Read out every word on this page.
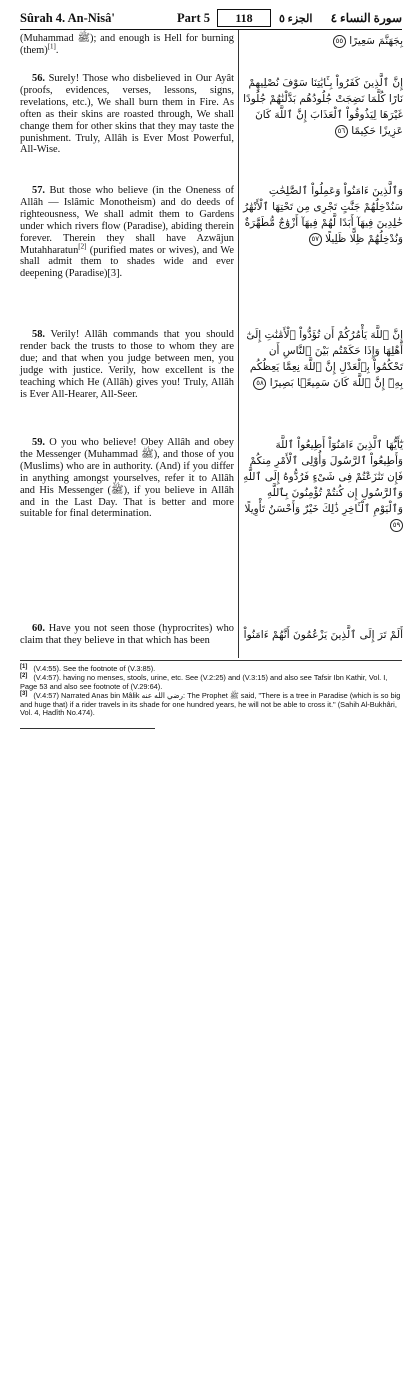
Sûrah 4. An-Nisâ'	Part 5	118	الجزء ٥	سورة النساء ٤

(Muhammad ﷺ); and enough is Hell for burning (them)[1].

56. Surely! Those who disbelieved in Our Ayât (proofs, evidences, verses, lessons, signs, revelations, etc.), We shall burn them in Fire. As often as their skins are roasted through, We shall change them for other skins that they may taste the punishment. Truly, Allâh is Ever Most Powerful, All-Wise.

57. But those who believe (in the Oneness of Allâh — Islâmic Monotheism) and do deeds of righteousness, We shall admit them to Gardens under which rivers flow (Paradise), abiding therein forever. Therein they shall have Azwâjun Mutahharatun[2] (purified mates or wives), and We shall admit them to shades wide and ever deepening (Paradise)[3].

58. Verily! Allâh commands that you should render back the trusts to those to whom they are due; and that when you judge between men, you judge with justice. Verily, how excellent is the teaching which He (Allâh) gives you! Truly, Allâh is Ever All-Hearer, All-Seer.

59. O you who believe! Obey Allâh and obey the Messenger (Muhammad ﷺ), and those of you (Muslims) who are in authority. (And) if you differ in anything amongst yourselves, refer it to Allâh and His Messenger (ﷺ), if you believe in Allâh and in the Last Day. That is better and more suitable for final determination.

60. Have you not seen those (hyprocrites) who claim that they believe in that which has been

بِجَهَنَّمَ سَعِيرًا ٥٥

إِنَّ ٱلَّذِينَ كَفَرُواْ بِـَٔايَٰتِنَا سَوْفَ نُصْلِيهِمْ نَارًا كُلَّمَا نَضِجَتْ جُلُودُهُم بَدَّلْنَٰهُمْ جُلُودًا غَيْرَهَا لِيَذُوقُواْ ٱلْعَذَابَ إِنَّ ٱللَّهَ كَانَ عَزِيزًا حَكِيمًا ٥٦

وَٱلَّذِينَ ءَامَنُواْ وَعَمِلُواْ ٱلصَّٰلِحَٰتِ سَنُدْخِلُهُمْ جَنَّٰتٍ تَجْرِى مِن تَحْتِهَا ٱلْأَنْهَٰرُ خَٰلِدِينَ فِيهَآ أَبَدًا لَّهُمْ فِيهَآ أَزْوَٰجٌ مُّطَهَّرَةٌ وَنُدْخِلُهُمْ ظِلًّا ظَلِيلًا ٥٧

إِنَّ ٱللَّهَ يَأْمُرُكُمْ أَن تُؤَدُّواْ ٱلْأَمَٰنَٰتِ إِلَىٰٓ أَهْلِهَا وَإِذَا حَكَمْتُم بَيْنَ ٱلنَّاسِ أَن تَحْكُمُواْ بِٱلْعَدْلِ إِنَّ ٱللَّهَ نِعِمَّا يَعِظُكُم بِهِۦٓ إِنَّ ٱللَّهَ كَانَ سَمِيعًۢا بَصِيرًا ٥٨

يَٰٓأَيُّهَا ٱلَّذِينَ ءَامَنُوٓاْ أَطِيعُواْ ٱللَّهَ وَأَطِيعُواْ ٱلرَّسُولَ وَأُوْلِى ٱلْأَمْرِ مِنكُمْ فَإِن تَنَٰزَعْتُمْ فِى شَىْءٍ فَرُدُّوهُ إِلَى ٱللَّهِ وَٱلرَّسُولِ إِن كُنتُمْ تُؤْمِنُونَ بِٱللَّهِ وَٱلْيَوْمِ ٱلْـَٔاخِرِ ذَٰلِكَ خَيْرٌ وَأَحْسَنُ تَأْوِيلًا ٥٩

أَلَمْ تَرَ إِلَى ٱلَّذِينَ يَزْعُمُونَ أَنَّهُمْ ءَامَنُواْ

[1] (V.4:55). See the footnote of (V.3:85).

[2] (V.4:57). having no menses, stools, urine, etc. See (V.2:25) and (V.3:15) and also see Tafsir Ibn Kathir, Vol. I, Page 53 and also see footnote of (V.29:64).

[3] (V.4:57) Narrated Anas bin Mâlik رضي الله عنه: The Prophet ﷺ said, "There is a tree in Paradise (which is so big and huge that) if a rider travels in its shade for one hundred years, he will not be able to cross it." (Sahih Al-Bukhâri, Vol. 4, Hadîth No.474).
